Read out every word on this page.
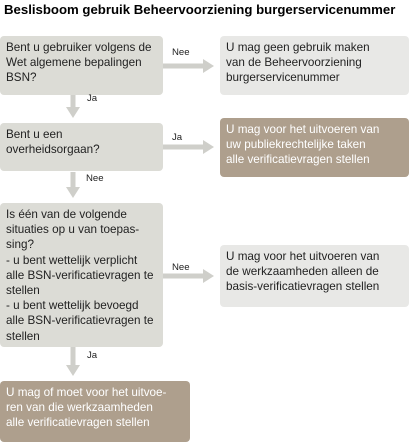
Beslisboom gebruik Beheervoorziening burgerservicenummer
Bent u gebruiker volgens de
Wet algemene bepalingen
BSN?
Bent u een
overheidsorgaan?
Is één van de volgende
situaties op u van toepas-
sing?
- u bent wettelijk verplicht
alle BSN-verificatievragen te
stellen
- u bent wettelijk bevoegd
alle BSN-verificatievragen te
stellen
U mag geen gebruik maken
van de Beheervoorziening
burgerservicenummer
U mag voor het uitvoeren van
uw publiekrechtelijke taken
alle verificatievragen stellen
U mag voor het uitvoeren van
de werkzaamheden alleen de
basis-verificatievragen stellen
U mag of moet voor het uitvoe-
ren van die werkzaamheden
alle verificatievragen stellen
Nee
Ja
Ja
Nee
Nee
Ja
